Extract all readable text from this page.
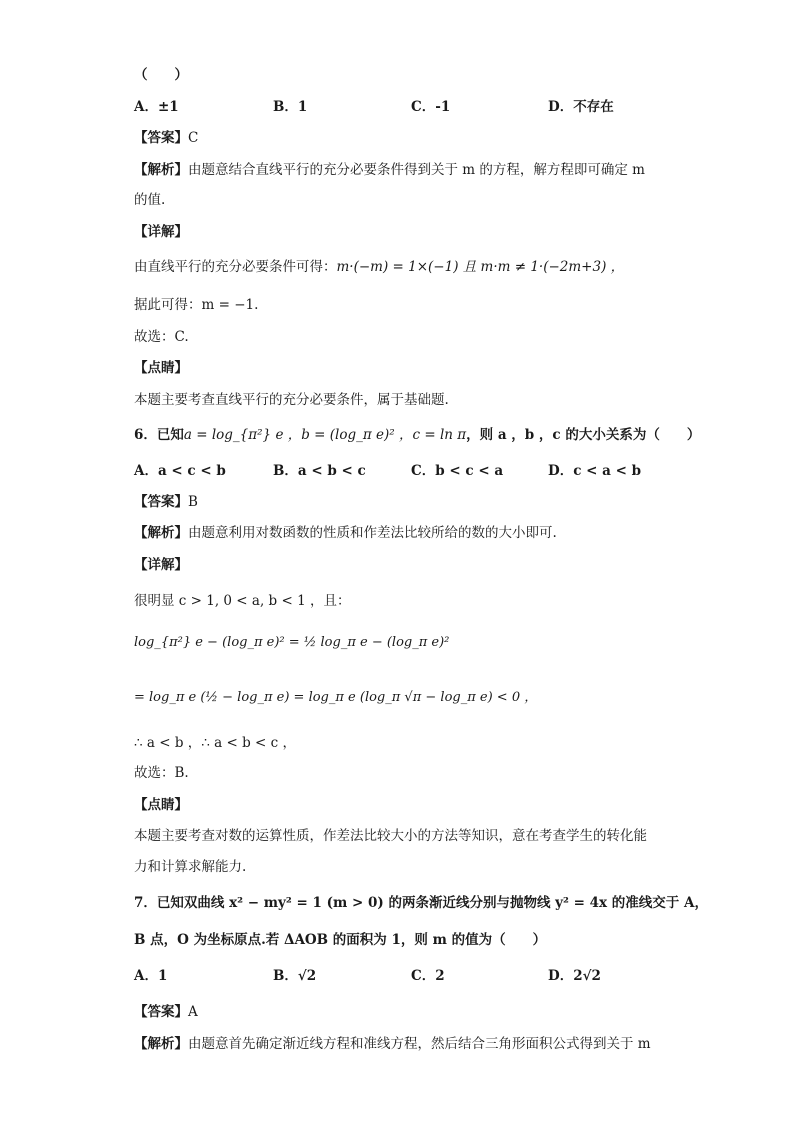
（　　）
A．±1	B．1	C．-1	D．不存在
【答案】C
【解析】由题意结合直线平行的充分必要条件得到关于 m 的方程，解方程即可确定 m
的值.
【详解】
由直线平行的充分必要条件可得：m·(−m) = 1×(−1) 且 m·m ≠ 1·(−2m+3) ，
据此可得：m = −1.
故选：C.
【点睛】
本题主要考查直线平行的充分必要条件，属于基础题.
6．已知a = log_{π²} e ，b = (log_π e)² ，c = ln π，则 a ，b ，c 的大小关系为（　　）
A．a < c < b	B．a < b < c	C．b < c < a	D．c < a < b
【答案】B
【解析】由题意利用对数函数的性质和作差法比较所给的数的大小即可.
【详解】
很明显 c > 1, 0 < a, b < 1 ，且：
log_{π²} e − (log_π e)² = ½ log_π e − (log_π e)²
= log_π e (½ − log_π e) = log_π e (log_π √π − log_π e) < 0 ，
∴ a < b ，∴ a < b < c ，
故选：B.
【点睛】
本题主要考查对数的运算性质，作差法比较大小的方法等知识，意在考查学生的转化能
力和计算求解能力.
7．已知双曲线 x² − my² = 1 (m > 0) 的两条渐近线分别与抛物线 y² = 4x 的准线交于 A，
B 点，O 为坐标原点.若 ΔAOB 的面积为 1，则 m 的值为（　　）
A．1	B．√2	C．2	D．2√2
【答案】A
【解析】由题意首先确定渐近线方程和准线方程，然后结合三角形面积公式得到关于 m
